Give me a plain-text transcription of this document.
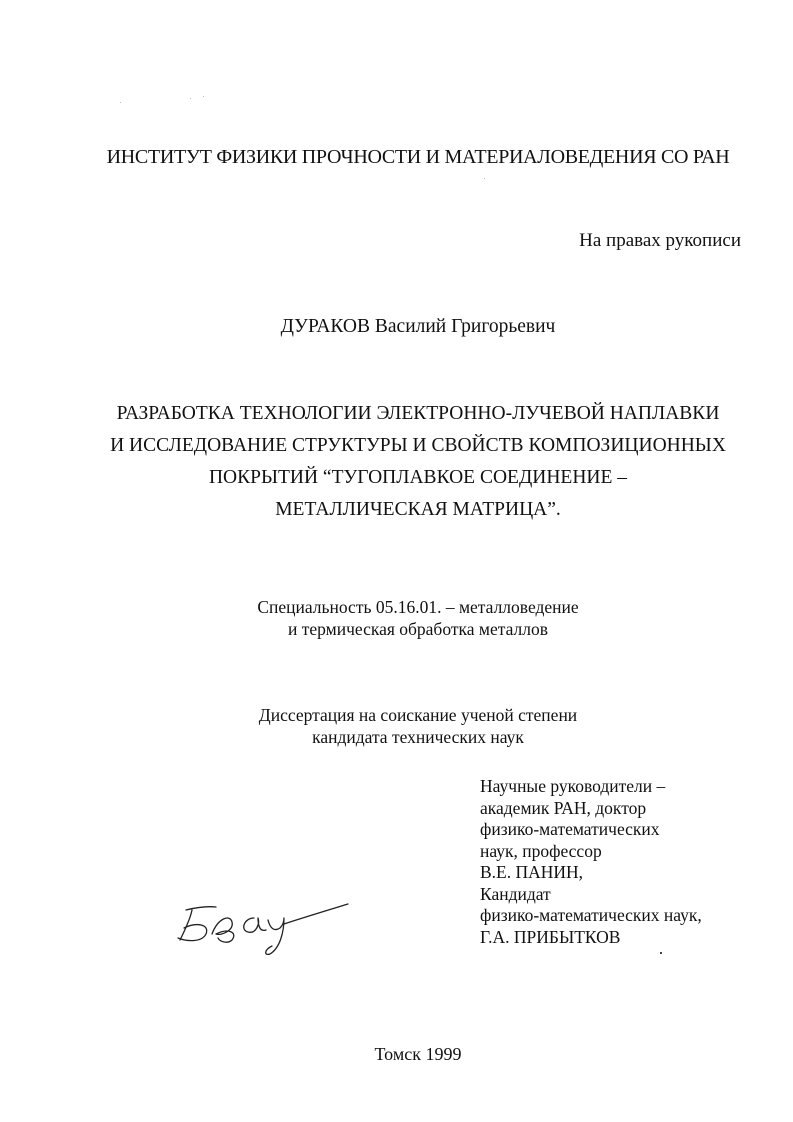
ИНСТИТУТ ФИЗИКИ ПРОЧНОСТИ И МАТЕРИАЛОВЕДЕНИЯ СО РАН
На правах рукописи
ДУРАКОВ Василий Григорьевич
РАЗРАБОТКА ТЕХНОЛОГИИ ЭЛЕКТРОННО-ЛУЧЕВОЙ НАПЛАВКИ
И ИССЛЕДОВАНИЕ СТРУКТУРЫ И СВОЙСТВ КОМПОЗИЦИОННЫХ
ПОКРЫТИЙ “ТУГОПЛАВКОЕ СОЕДИНЕНИЕ –
МЕТАЛЛИЧЕСКАЯ МАТРИЦА”.
Специальность 05.16.01. – металловедение
и термическая обработка металлов
Диссертация на соискание ученой степени
кандидата технических наук
Научные руководители –
академик РАН, доктор
физико-математических
наук, профессор
В.Е. ПАНИН,
Кандидат
физико-математических наук,
Г.А. ПРИБЫТКОВ
Томск 1999
